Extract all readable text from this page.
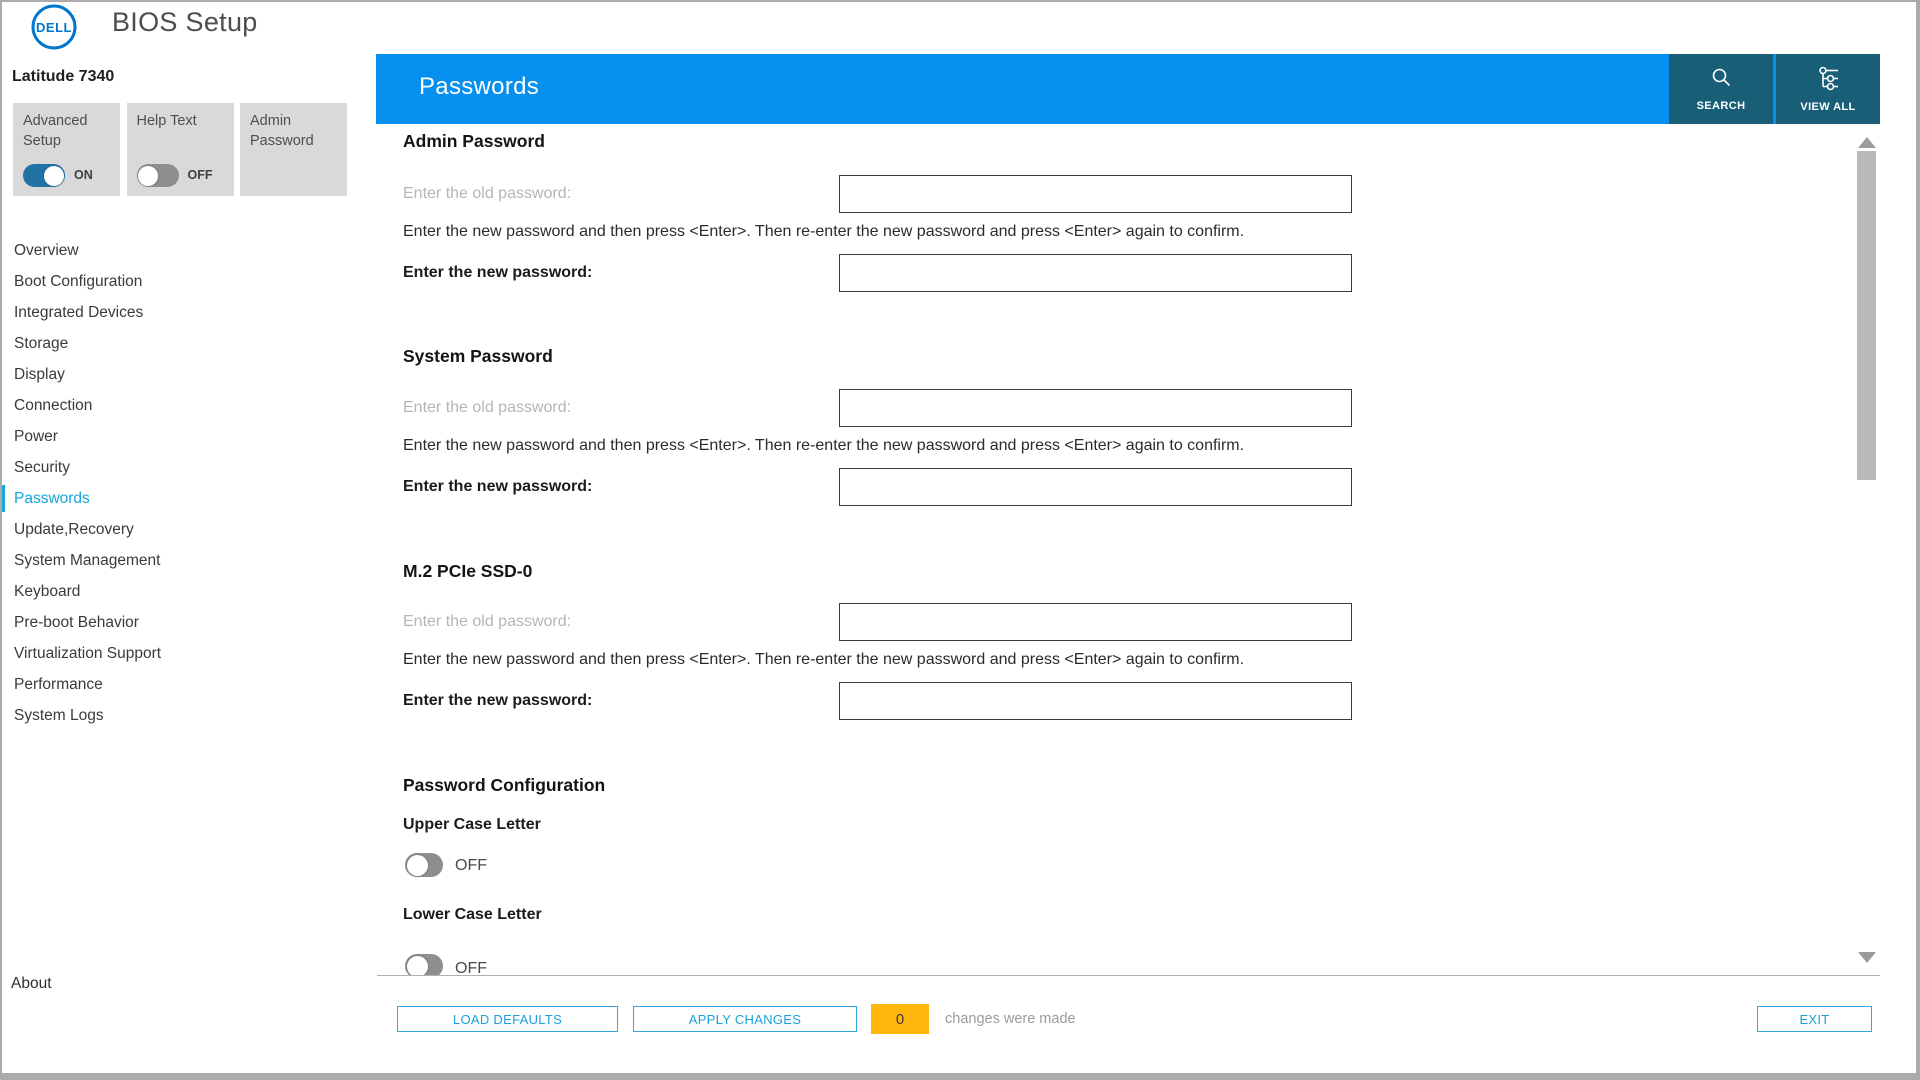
DELL BIOS Setup
Latitude 7340
Advanced Setup
ON
Help Text
OFF
Admin Password
Overview
Boot Configuration
Integrated Devices
Storage
Display
Connection
Power
Security
Passwords
Update,Recovery
System Management
Keyboard
Pre-boot Behavior
Virtualization Support
Performance
System Logs
About
Passwords
SEARCH	VIEW ALL
Admin Password
Enter the old password:
Enter the new password and then press <Enter>. Then re-enter the new password and press <Enter> again to confirm.
Enter the new password:
System Password
Enter the old password:
Enter the new password and then press <Enter>. Then re-enter the new password and press <Enter> again to confirm.
Enter the new password:
M.2 PCIe SSD-0
Enter the old password:
Enter the new password and then press <Enter>. Then re-enter the new password and press <Enter> again to confirm.
Enter the new password:
Password Configuration
Upper Case Letter
OFF
Lower Case Letter
OFF
LOAD DEFAULTS	APPLY CHANGES	0	changes were made	EXIT
